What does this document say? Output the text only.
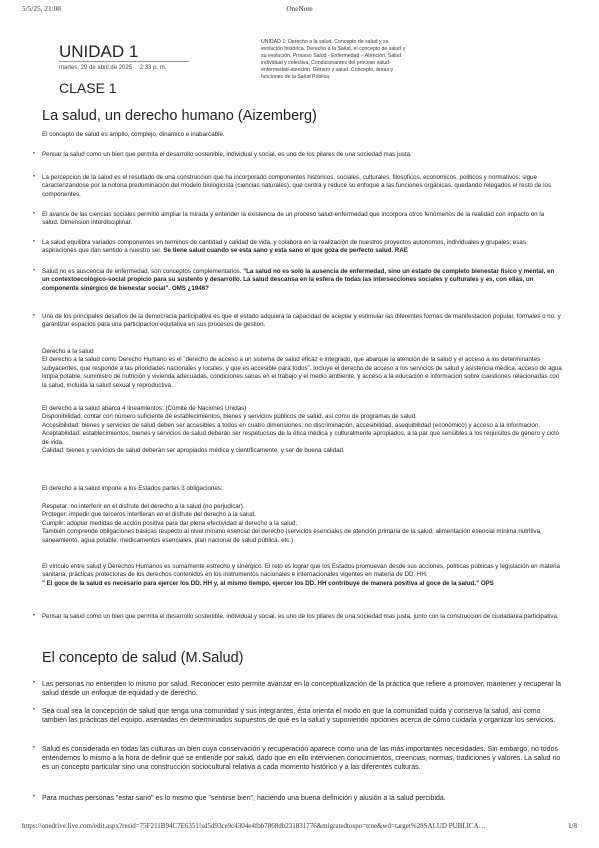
5/5/25, 21:08	OneNote
UNIDAD 1
martes, 29 de abril de 2025 2:33 p. m.
UNIDAD 1: Derecho a la salud. Concepto de salud y su evolución histórica. Derecho a la Salud, el concepto de salud y su evolución, Proceso Salud - Enfermedad – Atención. Salud individual y colectiva. Condicionantes del proceso salud-enfermedad-atención. Género y salud. Concepto, áreas y funciones de la Salud Pública.
CLASE 1
La salud, un derecho humano (Aizemberg)
El concepto de salud es amplio, complejo, dinamico e inabarcable.
• Pensar la salud como un bien que permita el desarrollo sostenible, individual y social, es uno de los pilares de una sociedad mas justa.
• La percepcion de la salud es el resultado de una construccion que ha incorporado componentes historicos, sociales, culturales, filosoficos, economicos, politicos y normativos; sigue caracterizándose por la notoria predominación del modelo biologicista (ciencias naturales), que centra y reduce su enfoque a las funciones orgánicas, quedando relegados el resto de los componentes.
• El avance de las ciencias sociales permitió ampliar la mirada y entender la existencia de un proceso salud-enfermedad que incorpora otros fenómenos de la realidad con impacto en la salud. Dimension interdisciplinar.
• La salud equilibra variados componentes en terminos de cantidad y calidad de vida, y colabora en la realización de nuestros proyectos autonomos, individuales y grupales; esas aspiraciones que dan sentido a nuestro ser. Se tiene salud cuando se esta sano y esta sano el que goza de perfecto salud. RAE
• Salud no es auscencia de enfermedad, son conceptos complementarios. "La salud no es solo la ausencia de enfermedad, sino un estado de completo bienestar fisico y mental, en un contextoecológico-social propicio para su sustento y desarrollo. La salud descansa en la esfera de todas las intersecciones sociales y culturales y es, con ellas, un componente sinérgico de bienestar social". OMS ¿1946?
• Uno de los principales desafíos de la democracia participativa es que el estado adquiera la capacidad de aceptar y estimular las diferentes formas de manifestacion popular, formales o no, y garantizar espacios para una participacion equitativa en sus procesos de gestion.

Derecho a la salud

El derecho a la salud como Derecho Humano es el "derecho de acceso a un sistema de salud eficaz e integrado, que abarque la atención de la salud y el acceso a los determinantes subyacentes, que responde a las prioridades nacionales y locales, y que es accesible para todos". Incluye el derecho de acceso a los servicios de salud y asistencia médica, acceso de agua limpia potable, suministro de nutrición y vivienda adecuadas, condiciones sanas en el trabajo y el medio ambiente, y acceso a la educación e información sobre cuestiones relacionadas con la salud, incluida la salud sexual y reproductiva.

El derecho a la salud abarca 4 lineamientos: (Comité de Naciones Unidas)

Disponibilidad: contar con número suficiente de establecimientos, bienes y servicios públicos de salud, así como de programas de salud.

Accesibilidad: bienes y servicios de salud deben ser accesibles a todos en cuatro dimensiones: no discriminación, accesibilidad, asequibilidad (económico) y acceso a la información.

Aceptabilidad: establecimientos, bienes y servicios de salud deberán ser respetuosos de la ética médica y culturalmente apropiados, a la par que sensibles a los requisitos de género y ciclo de vida.

Calidad: bienes y servicios de salud deberán ser apropiados médica y científicamente, y ser de buena calidad.

El derecho a la salud impone a los Estados partes 3 obligaciones:

Respetar: no interferir en el disfrute del derecho a la salud (no perjudicar).

Proteger: impedir que terceros interfieran en el disfrute del derecho a la salud.

Cumplir: adoptar medidas de acción positiva para dar plena efectividad al derecho a la salud.

También comprende obligaciones básicas respecto al nivel mínimo esencial del derecho (servicios esenciales de atención primaria de la salud, alimentación esencial mínima nutritiva, saneamiento, agua potable, medicamentos esenciales, plan nacional de salud pública, etc.)

El vínculo entre salud y Derechos Humanos es sumamente estrecho y sinérgico. El reto es lograr que los Estados promuevan desde sus acciones, políticas públicas y legislación en materia sanitaria, prácticas protectoras de los derechos contenidos en los instrumentos nacionales e internacionales vigentes en materia de DD. HH.

" El goce de la salud es necesario para ejercer los DD. HH y, al mismo tiempo, ejercer los DD. HH contribuye de manera positiva al goce de la salud." OPS

• Pensar la salud como un bien que permita el desarrollo sostenible, individual y social, es uno de los pilares de una sociedad mas justa, junto con la construccion de ciudadanía participativa.
El concepto de salud (M.Salud)
• Las personas no entienden lo mismo por salud. Reconocer esto permite avanzar en la conceptualización de la práctica que refiere a promover, mantener y recuperar la salud desde un enfoque de equidad y de derecho.
• Sea cual sea la concepción de salud que tenga una comunidad y sus integrantes, ésta orienta el modo en que la comunidad cuida y conserva la salud, así como también las prácticas del equipo, asentadas en determinados supuestos de qué es la salud y suponiendo opciones acerca de cómo cuidarla y organizar los servicios.
• Salud es considerada en todas las culturas un bien cuya conservación y recuperación aparece como una de las más importantes necesidades. Sin embargo, no todos entendemos lo mismo a la hora de definir qué se entiende por salud, dado que en ello intervienen conocimientos, creencias, normas, tradiciones y valores. La salud no es un concepto particular sino una construcción sociocultural relativa a cada momento histórico y a las diferentes culturas.
• Para muchas personas "estar sano" es lo mismo que "sentirse bien", haciendo una buena definición y alusión a la salud percibida.
https://onedrive.live.com/edit.aspx?resid=75F211B94C7E6351!sd5d93ce9c4304e4fbb7868db231831776&migratedtospo=true&wd=target%28SALUD PUBLICA…	1/8
